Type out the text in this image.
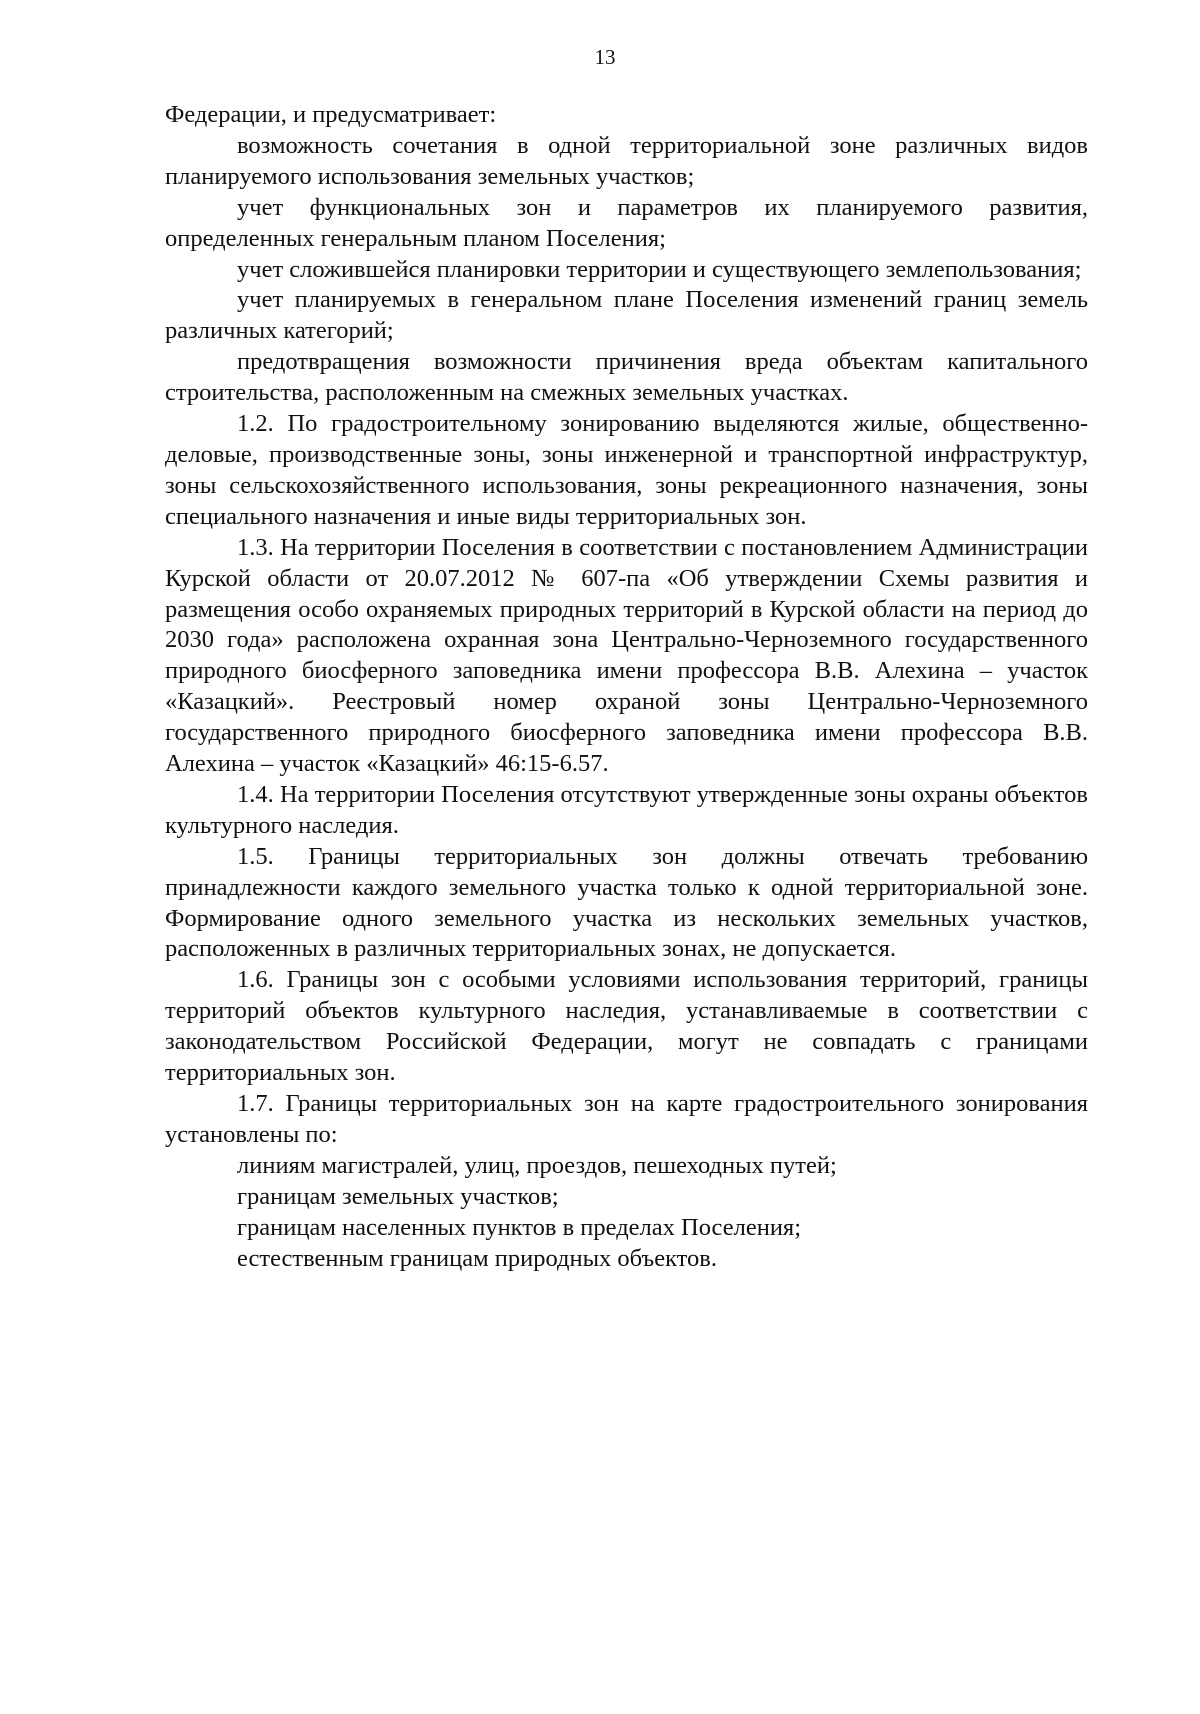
13

Федерации, и предусматривает:

возможность сочетания в одной территориальной зоне различных видов планируемого использования земельных участков;

учет функциональных зон и параметров их планируемого развития, определенных генеральным планом Поселения;

учет сложившейся планировки территории и существующего землепользования;

учет планируемых в генеральном плане Поселения изменений границ земель различных категорий;

предотвращения возможности причинения вреда объектам капитального строительства, расположенным на смежных земельных участках.

1.2. По градостроительному зонированию выделяются жилые, общественно-деловые, производственные зоны, зоны инженерной и транспортной инфраструктур, зоны сельскохозяйственного использования, зоны рекреационного назначения, зоны специального назначения и иные виды территориальных зон.

1.3. На территории Поселения в соответствии с постановлением Администрации Курской области от 20.07.2012 № 607-па «Об утверждении Схемы развития и размещения особо охраняемых природных территорий в Курской области на период до 2030 года» расположена охранная зона Центрально-Черноземного государственного природного биосферного заповедника имени профессора В.В. Алехина – участок «Казацкий». Реестровый номер охраной зоны Центрально-Черноземного государственного природного биосферного заповедника имени профессора В.В. Алехина – участок «Казацкий» 46:15-6.57.

1.4. На территории Поселения отсутствуют утвержденные зоны охраны объектов культурного наследия.

1.5. Границы территориальных зон должны отвечать требованию принадлежности каждого земельного участка только к одной территориальной зоне. Формирование одного земельного участка из нескольких земельных участков, расположенных в различных территориальных зонах, не допускается.

1.6. Границы зон с особыми условиями использования территорий, границы территорий объектов культурного наследия, устанавливаемые в соответствии с законодательством Российской Федерации, могут не совпадать с границами территориальных зон.

1.7. Границы территориальных зон на карте градостроительного зонирования установлены по:

линиям магистралей, улиц, проездов, пешеходных путей;

границам земельных участков;

границам населенных пунктов в пределах Поселения;

естественным границам природных объектов.
